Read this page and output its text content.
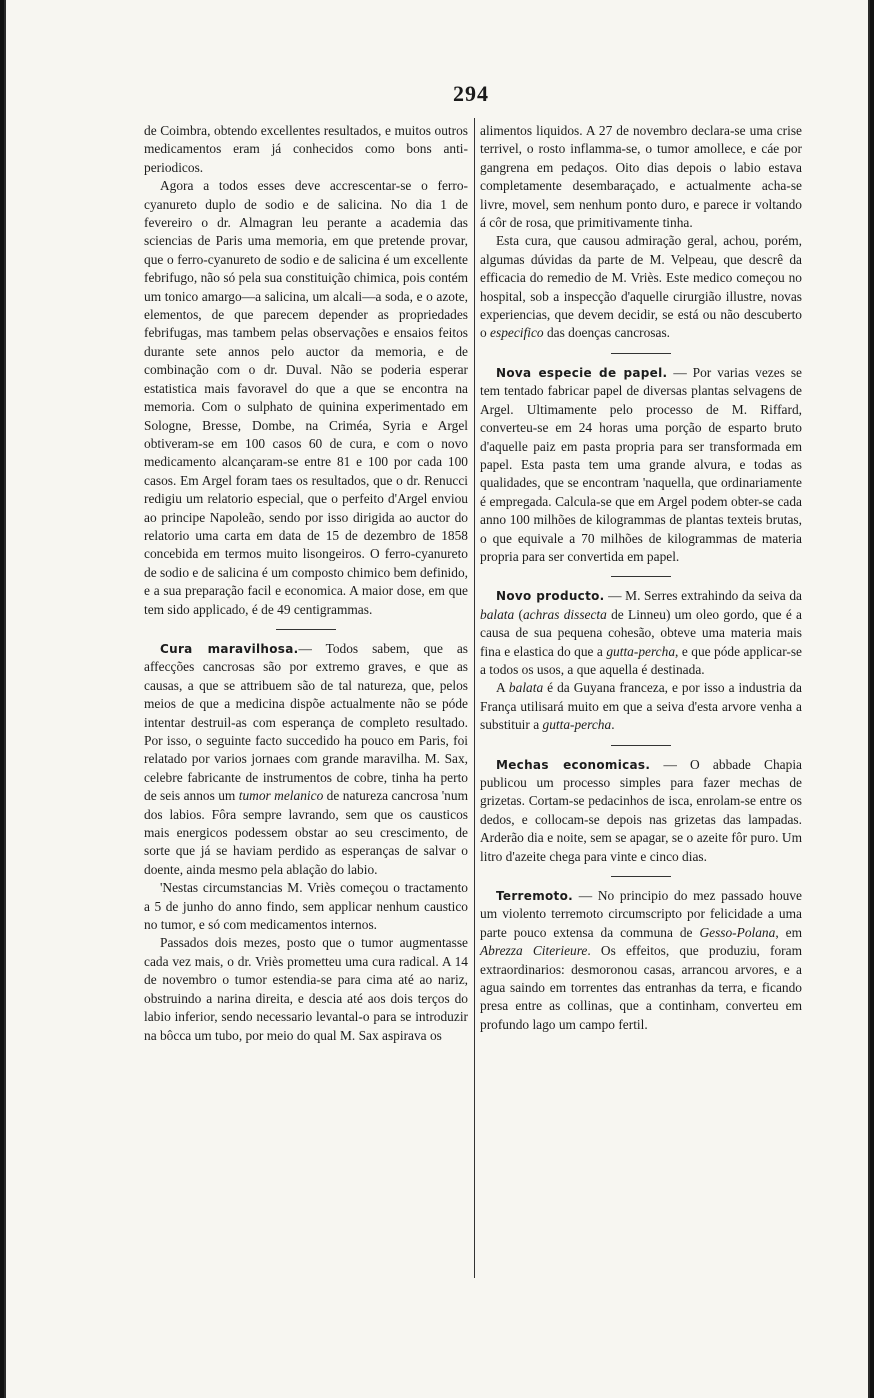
294

de Coimbra, obtendo excellentes resultados, e muitos outros medicamentos eram já conhecidos como bons anti-periodicos.

Agora a todos esses deve accrescentar-se o ferro-cyanureto duplo de sodio e de salicina. No dia 1 de fevereiro o dr. Almagran leu perante a academia das sciencias de Paris uma memoria, em que pretende provar, que o ferro-cyanureto de sodio e de salicina é um excellente febrifugo, não só pela sua constituição chimica, pois contém um tonico amargo—a salicina, um alcali—a soda, e o azote, elementos, de que parecem depender as propriedades febrifugas, mas tambem pelas observações e ensaios feitos durante sete annos pelo auctor da memoria, e de combinação com o dr. Duval. Não se poderia esperar estatistica mais favoravel do que a que se encontra na memoria. Com o sulphato de quinina experimentado em Sologne, Bresse, Dombe, na Criméa, Syria e Argel obtiveram-se em 100 casos 60 de cura, e com o novo medicamento alcançaram-se entre 81 e 100 por cada 100 casos. Em Argel foram taes os resultados, que o dr. Renucci redigiu um relatorio especial, que o perfeito d'Argel enviou ao principe Napoleão, sendo por isso dirigida ao auctor do relatorio uma carta em data de 15 de dezembro de 1858 concebida em termos muito lisongeiros. O ferro-cyanureto de sodio e de salicina é um composto chimico bem definido, e a sua preparação facil e economica. A maior dose, em que tem sido applicado, é de 49 centigrammas.

Cura maravilhosa.— Todos sabem, que as affecções cancrosas são por extremo graves, e que as causas, a que se attribuem são de tal natureza, que, pelos meios de que a medicina dispõe actualmente não se póde intentar destruil-as com esperança de completo resultado. Por isso, o seguinte facto succedido ha pouco em Paris, foi relatado por varios jornaes com grande maravilha. M. Sax, celebre fabricante de instrumentos de cobre, tinha ha perto de seis annos um tumor melanico de natureza cancrosa 'num dos labios. Fôra sempre lavrando, sem que os causticos mais energicos podessem obstar ao seu crescimento, de sorte que já se haviam perdido as esperanças de salvar o doente, ainda mesmo pela ablação do labio.

'Nestas circumstancias M. Vriès começou o tractamento a 5 de junho do anno findo, sem applicar nenhum caustico no tumor, e só com medicamentos internos.

Passados dois mezes, posto que o tumor augmentasse cada vez mais, o dr. Vriès prometteu uma cura radical. A 14 de novembro o tumor estendia-se para cima até ao nariz, obstruindo a narina direita, e descia até aos dois terços do labio inferior, sendo necessario levantal-o para se introduzir na bôcca um tubo, por meio do qual M. Sax aspirava os

alimentos liquidos. A 27 de novembro declara-se uma crise terrivel, o rosto inflamma-se, o tumor amollece, e cáe por gangrena em pedaços. Oito dias depois o labio estava completamente desembaraçado, e actualmente acha-se livre, movel, sem nenhum ponto duro, e parece ir voltando á côr de rosa, que primitivamente tinha.

Esta cura, que causou admiração geral, achou, porém, algumas dúvidas da parte de M. Velpeau, que descrê da efficacia do remedio de M. Vriès. Este medico começou no hospital, sob a inspecção d'aquelle cirurgião illustre, novas experiencias, que devem decidir, se está ou não descuberto o especifico das doenças cancrosas.

Nova especie de papel. — Por varias vezes se tem tentado fabricar papel de diversas plantas selvagens de Argel. Ultimamente pelo processo de M. Riffard, converteu-se em 24 horas uma porção de esparto bruto d'aquelle paiz em pasta propria para ser transformada em papel. Esta pasta tem uma grande alvura, e todas as qualidades, que se encontram 'naquella, que ordinariamente é empregada. Calcula-se que em Argel podem obter-se cada anno 100 milhões de kilogrammas de plantas texteis brutas, o que equivale a 70 milhões de kilogrammas de materia propria para ser convertida em papel.

Novo producto. — M. Serres extrahindo da seiva da balata (achras dissecta de Linneu) um oleo gordo, que é a causa de sua pequena cohesão, obteve uma materia mais fina e elastica do que a gutta-percha, e que póde applicar-se a todos os usos, a que aquella é destinada.

A balata é da Guyana franceza, e por isso a industria da França utilisará muito em que a seiva d'esta arvore venha a substituir a gutta-percha.

Mechas economicas. — O abbade Chapia publicou um processo simples para fazer mechas de grizetas. Cortam-se pedacinhos de isca, enrolam-se entre os dedos, e collocam-se depois nas grizetas das lampadas. Arderão dia e noite, sem se apagar, se o azeite fôr puro. Um litro d'azeite chega para vinte e cinco dias.

Terremoto. — No principio do mez passado houve um violento terremoto circumscripto por felicidade a uma parte pouco extensa da communa de Gesso-Polana, em Abrezza Citerieure. Os effeitos, que produziu, foram extraordinarios: desmoronou casas, arrancou arvores, e a agua saindo em torrentes das entranhas da terra, e ficando presa entre as collinas, que a continham, converteu em profundo lago um campo fertil.
